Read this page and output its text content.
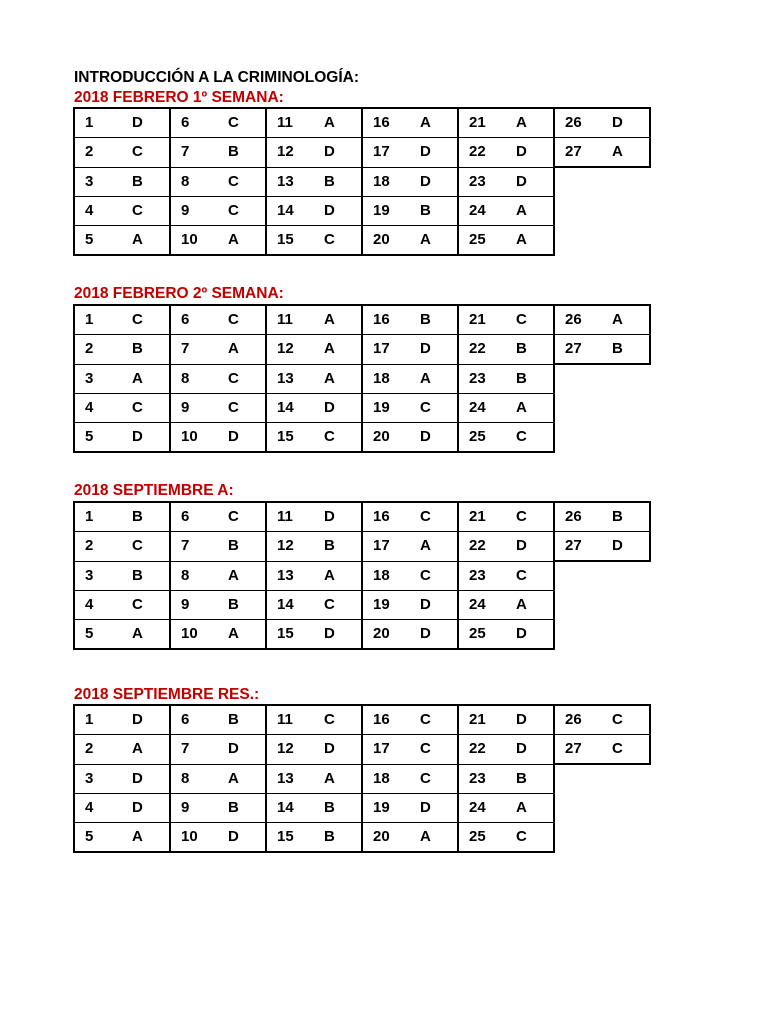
INTRODUCCIÓN A LA CRIMINOLOGÍA:
2018 FEBRERO 1º SEMANA:
1	D	6	C	11	A	16	A	21	A	26	D
2	C	7	B	12	D	17	D	22	D	27	A
3	B	8	C	13	B	18	D	23	D		
4	C	9	C	14	D	19	B	24	A		
5	A	10	A	15	C	20	A	25	A		
2018 FEBRERO 2º SEMANA:
1	C	6	C	11	A	16	B	21	C	26	A
2	B	7	A	12	A	17	D	22	B	27	B
3	A	8	C	13	A	18	A	23	B		
4	C	9	C	14	D	19	C	24	A		
5	D	10	D	15	C	20	D	25	C		
2018 SEPTIEMBRE A:
1	B	6	C	11	D	16	C	21	C	26	B
2	C	7	B	12	B	17	A	22	D	27	D
3	B	8	A	13	A	18	C	23	C		
4	C	9	B	14	C	19	D	24	A		
5	A	10	A	15	D	20	D	25	D		
2018 SEPTIEMBRE RES.:
1	D	6	B	11	C	16	C	21	D	26	C
2	A	7	D	12	D	17	C	22	D	27	C
3	D	8	A	13	A	18	C	23	B		
4	D	9	B	14	B	19	D	24	A		
5	A	10	D	15	B	20	A	25	C		
